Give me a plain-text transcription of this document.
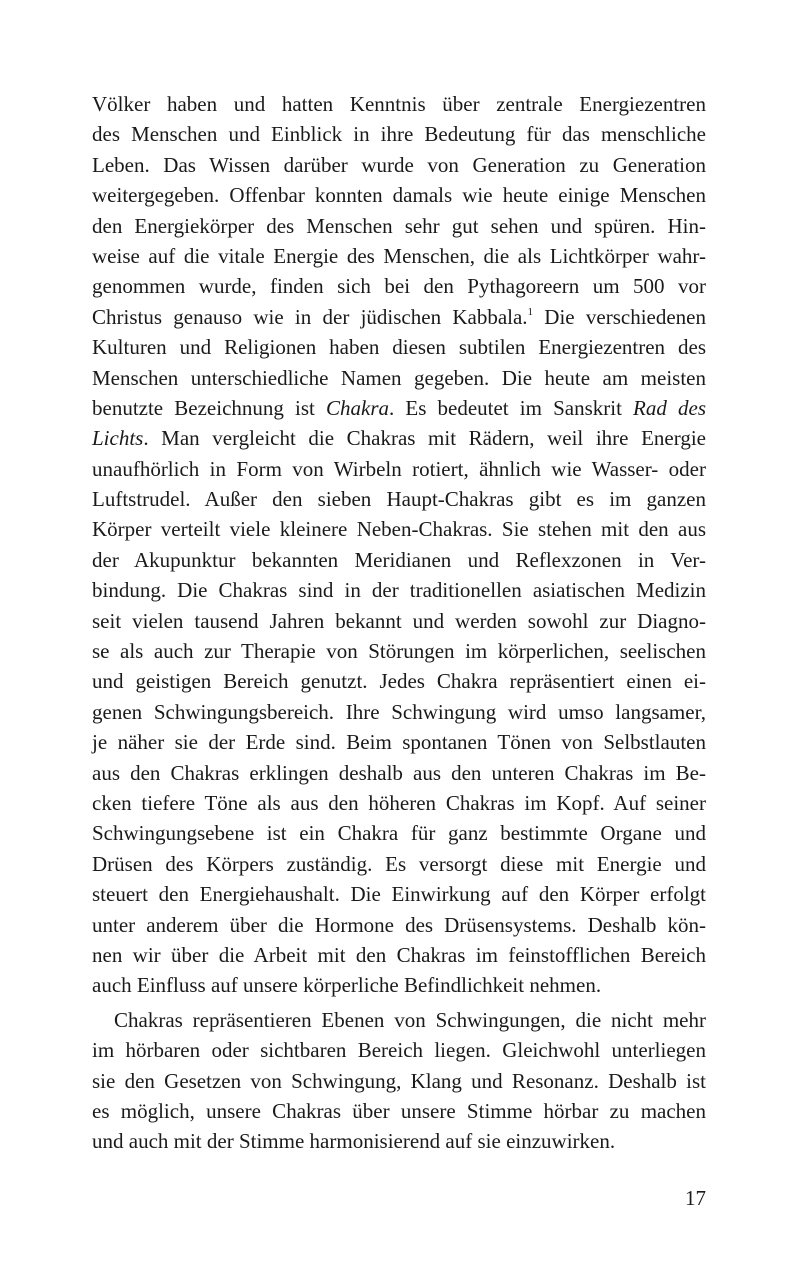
Völker haben und hatten Kenntnis über zentrale Energiezentren
des Menschen und Einblick in ihre Bedeutung für das menschliche
Leben. Das Wissen darüber wurde von Generation zu Generation
weitergegeben. Offenbar konnten damals wie heute einige Menschen
den Energiekörper des Menschen sehr gut sehen und spüren. Hin-
weise auf die vitale Energie des Menschen, die als Lichtkörper wahr-
genommen wurde, finden sich bei den Pythagoreern um 500 vor
Christus genauso wie in der jüdischen Kabbala.$^1$ Die verschiedenen
Kulturen und Religionen haben diesen subtilen Energiezentren des
Menschen unterschiedliche Namen gegeben. Die heute am meisten
benutzte Bezeichnung ist Chakra. Es bedeutet im Sanskrit Rad des
Lichts. Man vergleicht die Chakras mit Rädern, weil ihre Energie
unaufhörlich in Form von Wirbeln rotiert, ähnlich wie Wasser- oder
Luftstrudel. Außer den sieben Haupt-Chakras gibt es im ganzen
Körper verteilt viele kleinere Neben-Chakras. Sie stehen mit den aus
der Akupunktur bekannten Meridianen und Reflexzonen in Ver-
bindung. Die Chakras sind in der traditionellen asiatischen Medizin
seit vielen tausend Jahren bekannt und werden sowohl zur Diagno-
se als auch zur Therapie von Störungen im körperlichen, seelischen
und geistigen Bereich genutzt. Jedes Chakra repräsentiert einen ei-
genen Schwingungsbereich. Ihre Schwingung wird umso langsamer,
je näher sie der Erde sind. Beim spontanen Tönen von Selbstlauten
aus den Chakras erklingen deshalb aus den unteren Chakras im Be-
cken tiefere Töne als aus den höheren Chakras im Kopf. Auf seiner
Schwingungsebene ist ein Chakra für ganz bestimmte Organe und
Drüsen des Körpers zuständig. Es versorgt diese mit Energie und
steuert den Energiehaushalt. Die Einwirkung auf den Körper erfolgt
unter anderem über die Hormone des Drüsensystems. Deshalb kön-
nen wir über die Arbeit mit den Chakras im feinstofflichen Bereich
auch Einfluss auf unsere körperliche Befindlichkeit nehmen.
Chakras repräsentieren Ebenen von Schwingungen, die nicht mehr
im hörbaren oder sichtbaren Bereich liegen. Gleichwohl unterliegen
sie den Gesetzen von Schwingung, Klang und Resonanz. Deshalb ist
es möglich, unsere Chakras über unsere Stimme hörbar zu machen
und auch mit der Stimme harmonisierend auf sie einzuwirken.
17
